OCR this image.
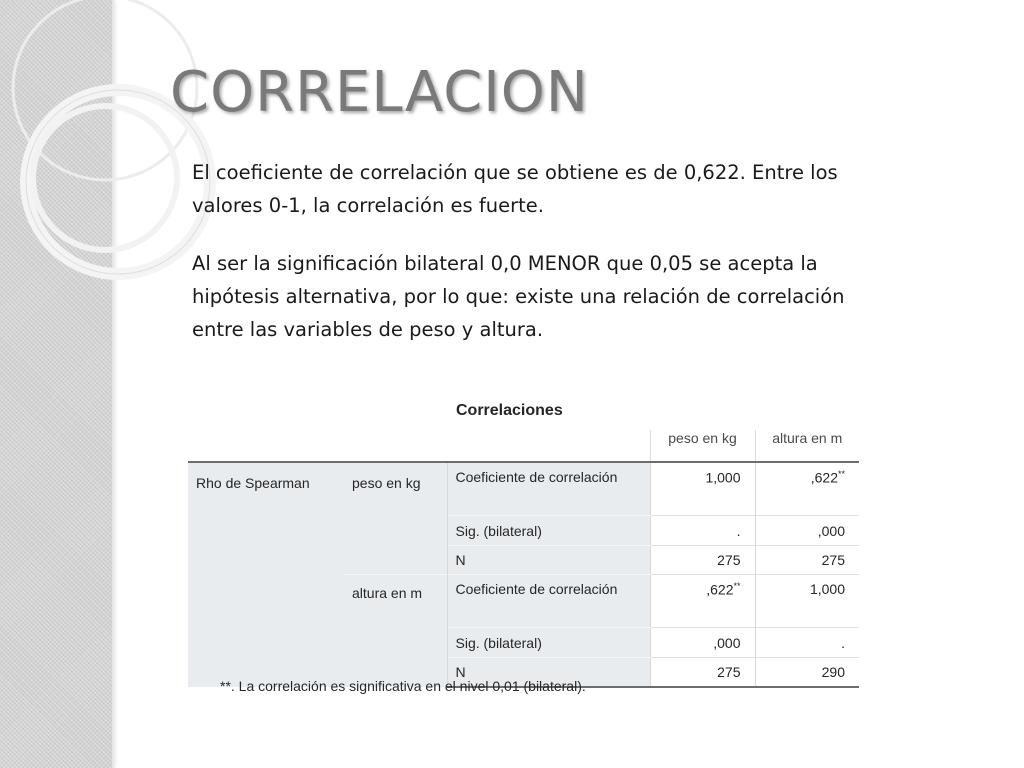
CORRELACION

El coeficiente de correlación que se obtiene es de 0,622. Entre los valores 0-1, la correlación es fuerte.

Al ser la significación bilateral 0,0 MENOR que 0,05 se acepta la hipótesis alternativa, por lo que: existe una relación de correlación entre las variables de peso y altura.

Correlaciones
			peso en kg	altura en m
Rho de Spearman	peso en kg	Coeficiente de correlación	1,000	,622**
		Sig. (bilateral)	.	,000
		N	275	275
	altura en m	Coeficiente de correlación	,622**	1,000
		Sig. (bilateral)	,000	.
		N	275	290
**. La correlación es significativa en el nivel 0,01 (bilateral).
